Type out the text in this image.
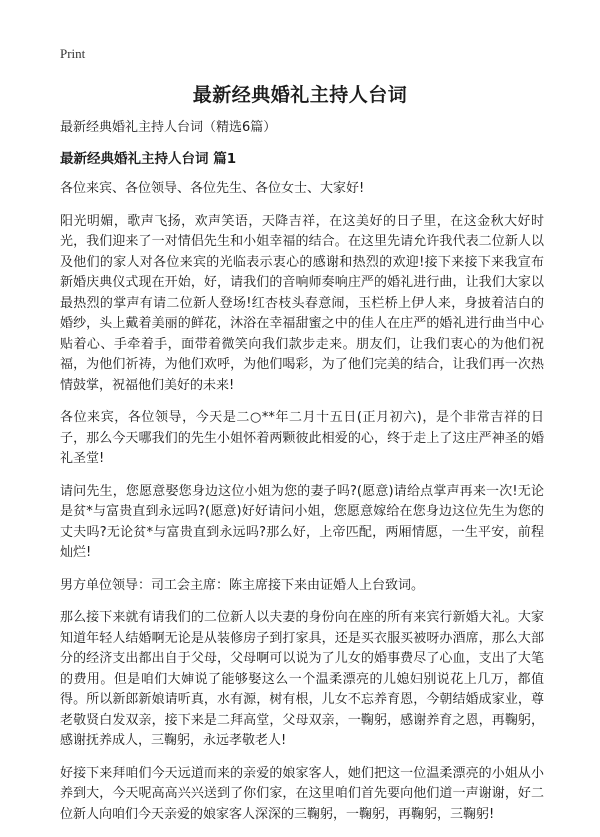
Print
最新经典婚礼主持人台词

最新经典婚礼主持人台词（精选6篇）

最新经典婚礼主持人台词 篇1

各位来宾、各位领导、各位先生、各位女士、大家好!

阳光明媚，歌声飞扬，欢声笑语，天降吉祥，在这美好的日子里，在这金秋大好时光，我们迎来了一对情侣先生和小姐幸福的结合。在这里先请允许我代表二位新人以及他们的家人对各位来宾的光临表示衷心的感谢和热烈的欢迎!接下来接下来我宣布新婚庆典仪式现在开始，好，请我们的音响师奏响庄严的婚礼进行曲，让我们大家以最热烈的掌声有请二位新人登场!红杏枝头春意闹，玉栏桥上伊人来，身披着洁白的婚纱，头上戴着美丽的鲜花，沐浴在幸福甜蜜之中的佳人在庄严的婚礼进行曲当中心贴着心、手牵着手，面带着微笑向我们款步走来。朋友们，让我们衷心的为他们祝福，为他们祈祷，为他们欢呼，为他们喝彩，为了他们完美的结合，让我们再一次热情鼓掌，祝福他们美好的未来!

各位来宾，各位领导，今天是二○**年二月十五日(正月初六)，是个非常吉祥的日子，那么今天哪我们的先生小姐怀着两颗彼此相爱的心，终于走上了这庄严神圣的婚礼圣堂!

请问先生，您愿意娶您身边这位小姐为您的妻子吗?(愿意)请给点掌声再来一次!无论是贫*与富贵直到永远吗?(愿意)好好请问小姐，您愿意嫁给在您身边这位先生为您的丈夫吗?无论贫*与富贵直到永远吗?那么好，上帝匹配，两厢情愿，一生平安，前程灿烂!

男方单位领导：司工会主席：陈主席接下来由证婚人上台致词。

那么接下来就有请我们的二位新人以夫妻的身份向在座的所有来宾行新婚大礼。大家知道年轻人结婚啊无论是从装修房子到打家具，还是买衣服买被呀办酒席，那么大部分的经济支出都出自于父母，父母啊可以说为了儿女的婚事费尽了心血，支出了大笔的费用。但是咱们大婶说了能够娶这么一个温柔漂亮的儿媳妇别说花上几万，都值得。所以新郎新娘请听真，水有源，树有根，儿女不忘养育恩，今朝结婚成家业，尊老敬贤白发双亲，接下来是二拜高堂，父母双亲，一鞠躬，感谢养育之恩，再鞠躬，感谢抚养成人，三鞠躬，永远孝敬老人!

好接下来拜咱们今天远道而来的亲爱的娘家客人，她们把这一位温柔漂亮的小姐从小养到大，今天呢高高兴兴送到了你们家，在这里咱们首先要向他们道一声谢谢，好二位新人向咱们今天亲爱的娘家客人深深的三鞠躬，一鞠躬，再鞠躬，三鞠躬!
